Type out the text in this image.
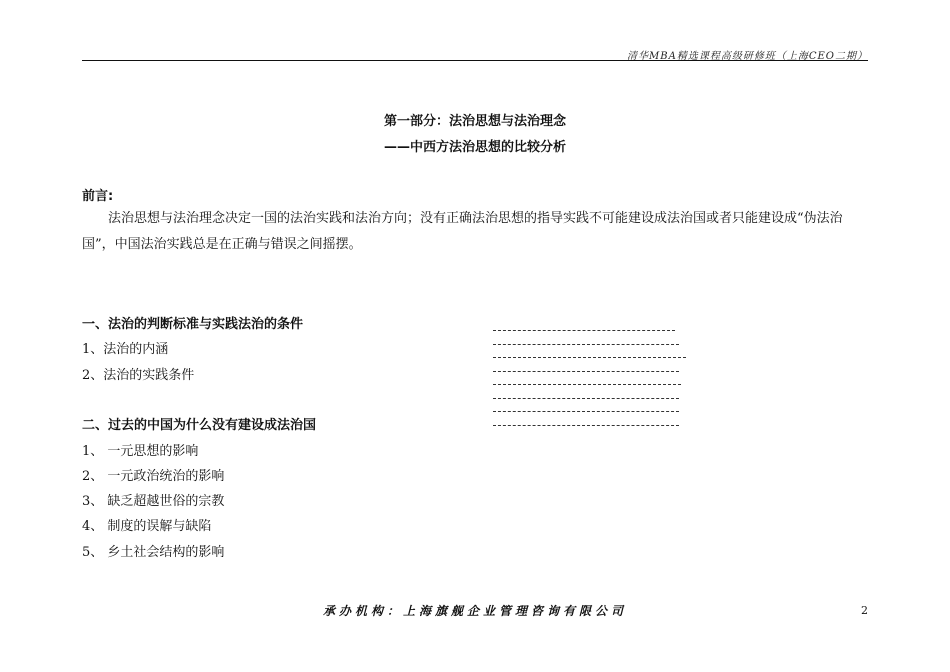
清华MBA精选课程高级研修班（上海CEO二期）
第一部分：法治思想与法治理念
——中西方法治思想的比较分析
前言:
法治思想与法治理念决定一国的法治实践和法治方向；没有正确法治思想的指导实践不可能建设成法治国或者只能建设成“伪法治国”，中国法治实践总是在正确与错误之间摇摆。
一、法治的判断标准与实践法治的条件
1、法治的内涵
2、法治的实践条件
二、过去的中国为什么没有建设成法治国
1、 一元思想的影响
2、 一元政治统治的影响
3、 缺乏超越世俗的宗教
4、 制度的误解与缺陷
5、 乡土社会结构的影响
承办机构：上海旗舰企业管理咨询有限公司	2
